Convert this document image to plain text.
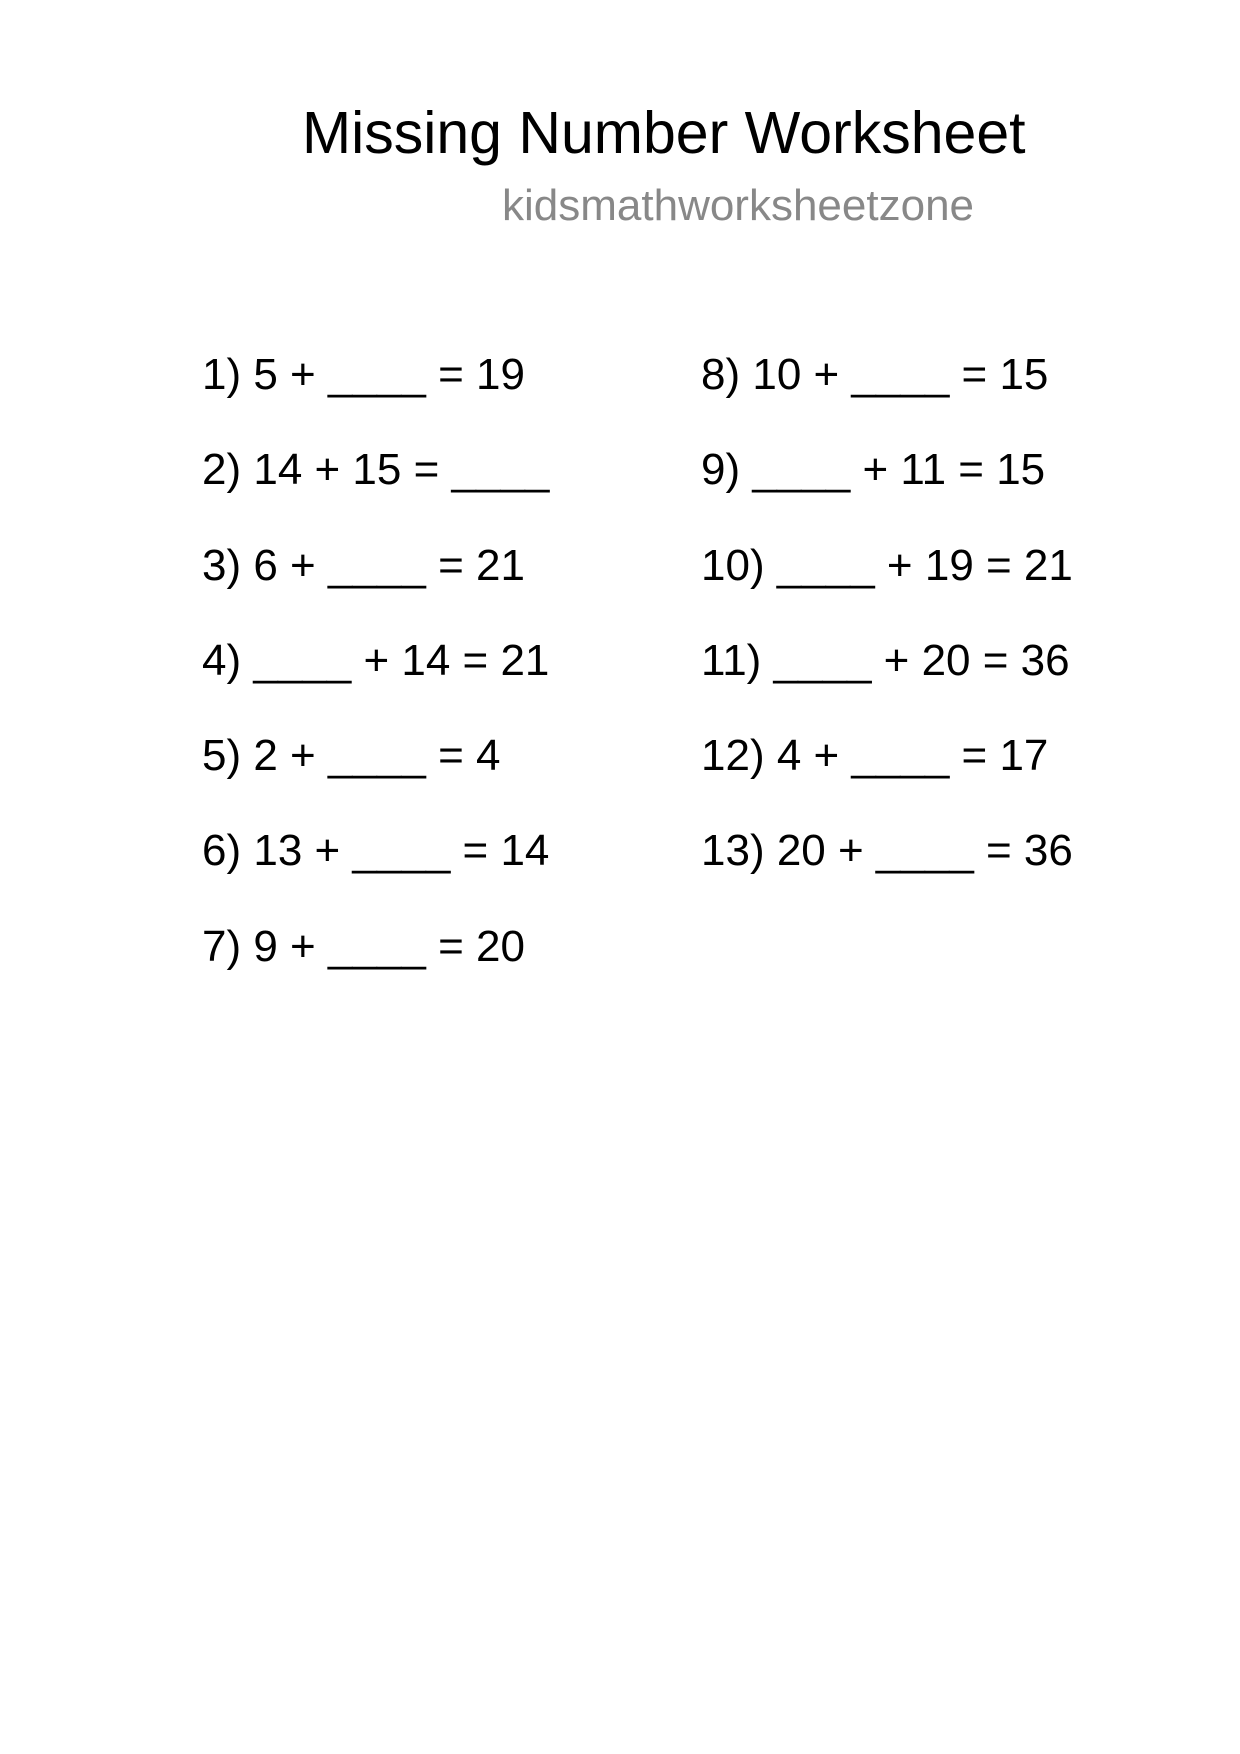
Missing Number Worksheet
kidsmathworksheetzone
1) 5 + ____ = 19
2) 14 + 15 = ____
3) 6 + ____ = 21
4) ____ + 14 = 21
5) 2 + ____ = 4
6) 13 + ____ = 14
7) 9 + ____ = 20
8) 10 + ____ = 15
9) ____ + 11 = 15
10) ____ + 19 = 21
11) ____ + 20 = 36
12) 4 + ____ = 17
13) 20 + ____ = 36
